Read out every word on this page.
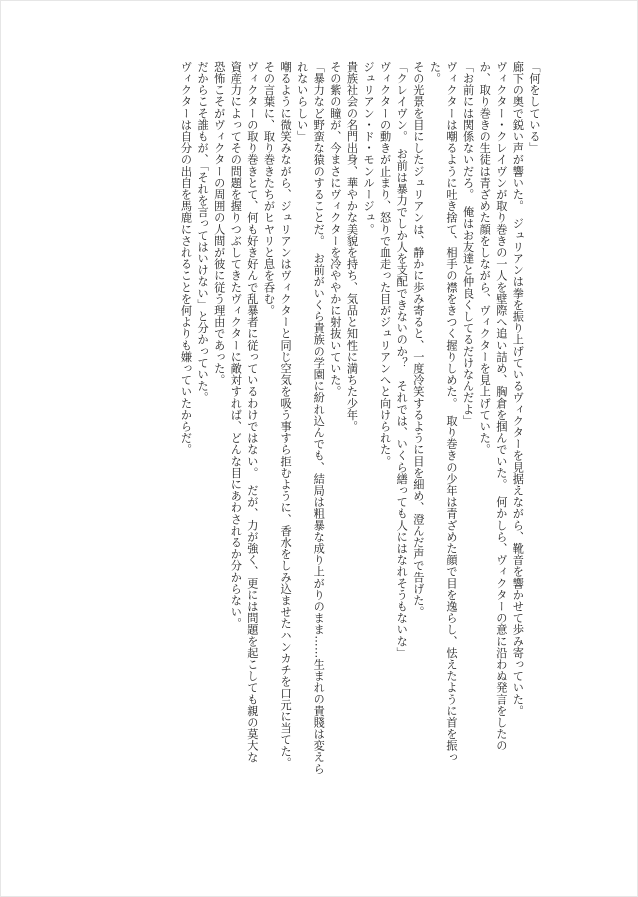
「何をしている」
廊下の奥で鋭い声が響いた。　ジュリアンは拳を振り上げているヴィクターを見据えながら、靴音を響かせて歩み寄っていた。
ヴィクター・クレイヴンが取り巻きの一人を壁際へ追い詰め、胸倉を掴んでいた。　何かしら、ヴィクターの意に沿わぬ発言をしたの
か、取り巻きの生徒は青ざめた顔をしながら、ヴィクターを見上げていた。
「お前には関係ないだろ。　俺はお友達と仲良くしてるだけなんだよ」
ヴィクターは嘲るように吐き捨て、相手の襟をきつく握りしめた。　取り巻きの少年は青ざめた顔で目を逸らし、怯えたように首を振っ
た。
その光景を目にしたジュリアンは、静かに歩み寄ると、一度冷笑するように目を細め、澄んだ声で告げた。
「クレイヴン。　お前は暴力でしか人を支配できないのか？　それでは、いくら繕っても人にはなれそうもないな」
ヴィクターの動きが止まり、怒りで血走った目がジュリアンへと向けられた。
ジュリアン・ド・モンルージュ。
貴族社会の名門出身、華やかな美貌を持ち、気品と知性に満ちた少年。
その紫の瞳が、今まさにヴィクターを冷ややかに射抜いていた。
「暴力など野蛮な猿のすることだ。　お前がいくら貴族の学園に紛れ込んでも、結局は粗暴な成り上がりのまま……生まれの貴賤は変えら
れないらしい」
嘲るように微笑みながら、ジュリアンはヴィクターと同じ空気を吸う事すら拒むように、香水をしみ込ませたハンカチを口元に当てた。
その言葉に、取り巻きたちがヒヤリと息を呑む。
ヴィクターの取り巻きとて、何も好き好んで乱暴者に従っているわけではない。　だが、力が強く、更には問題を起こしても親の莫大な
資産力によってその問題を握りつぶしてきたヴィクターに敵対すれば、どんな目にあわされるか分からない。
恐怖こそがヴィクターの周囲の人間が彼に従う理由であった。
だからこそ誰もが、「それを言ってはいけない」と分かっていた。
ヴィクターは自分の出自を馬鹿にされることを何よりも嫌っていたからだ。
